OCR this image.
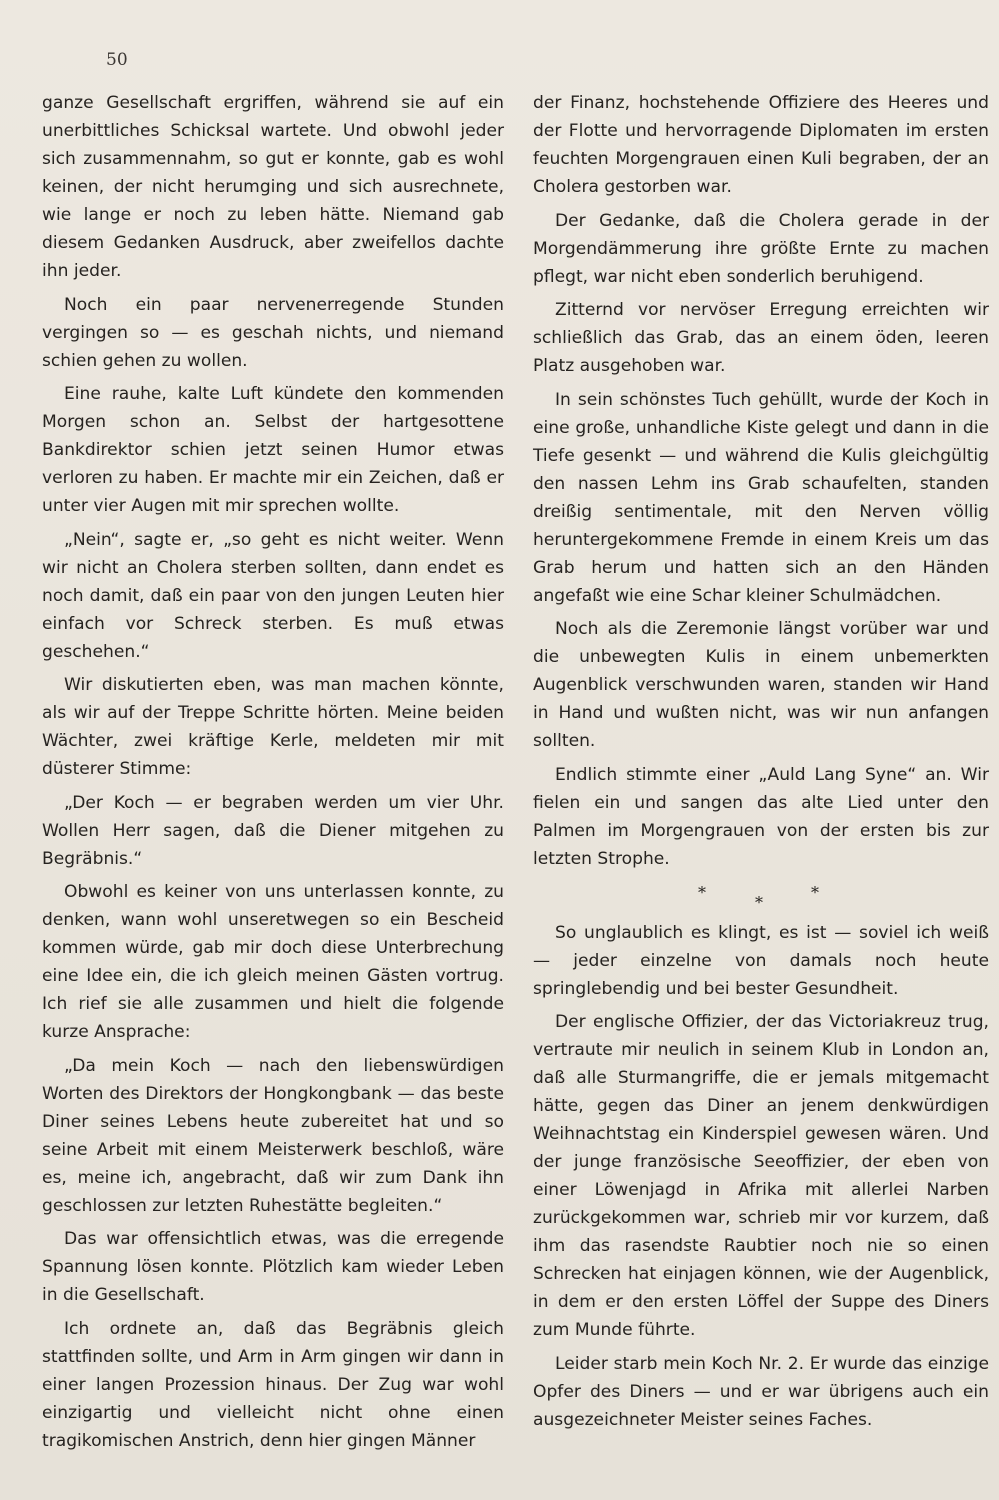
50

ganze Gesellschaft ergriffen, während sie auf ein unerbittliches Schicksal wartete. Und obwohl jeder sich zusammennahm, so gut er konnte, gab es wohl keinen, der nicht herumging und sich ausrechnete, wie lange er noch zu leben hätte. Niemand gab diesem Gedanken Ausdruck, aber zweifellos dachte ihn jeder.

Noch ein paar nervenerregende Stunden vergingen so — es geschah nichts, und niemand schien gehen zu wollen.

Eine rauhe, kalte Luft kündete den kommenden Morgen schon an. Selbst der hartgesottene Bankdirektor schien jetzt seinen Humor etwas verloren zu haben. Er machte mir ein Zeichen, daß er unter vier Augen mit mir sprechen wollte.

„Nein“, sagte er, „so geht es nicht weiter. Wenn wir nicht an Cholera sterben sollten, dann endet es noch damit, daß ein paar von den jungen Leuten hier einfach vor Schreck sterben. Es muß etwas geschehen.“

Wir diskutierten eben, was man machen könnte, als wir auf der Treppe Schritte hörten. Meine beiden Wächter, zwei kräftige Kerle, meldeten mir mit düsterer Stimme:

„Der Koch — er begraben werden um vier Uhr. Wollen Herr sagen, daß die Diener mitgehen zu Begräbnis.“

Obwohl es keiner von uns unterlassen konnte, zu denken, wann wohl unseretwegen so ein Bescheid kommen würde, gab mir doch diese Unterbrechung eine Idee ein, die ich gleich meinen Gästen vortrug. Ich rief sie alle zusammen und hielt die folgende kurze Ansprache:

„Da mein Koch — nach den liebenswürdigen Worten des Direktors der Hongkongbank — das beste Diner seines Lebens heute zubereitet hat und so seine Arbeit mit einem Meisterwerk beschloß, wäre es, meine ich, angebracht, daß wir zum Dank ihn geschlossen zur letzten Ruhestätte begleiten.“

Das war offensichtlich etwas, was die erregende Spannung lösen konnte. Plötzlich kam wieder Leben in die Gesellschaft.

Ich ordnete an, daß das Begräbnis gleich stattfinden sollte, und Arm in Arm gingen wir dann in einer langen Prozession hinaus. Der Zug war wohl einzigartig und vielleicht nicht ohne einen tragikomischen Anstrich, denn hier gingen Männer

der Finanz, hochstehende Offiziere des Heeres und der Flotte und hervorragende Diplomaten im ersten feuchten Morgengrauen einen Kuli begraben, der an Cholera gestorben war.

Der Gedanke, daß die Cholera gerade in der Morgendämmerung ihre größte Ernte zu machen pflegt, war nicht eben sonderlich beruhigend.

Zitternd vor nervöser Erregung erreichten wir schließlich das Grab, das an einem öden, leeren Platz ausgehoben war.

In sein schönstes Tuch gehüllt, wurde der Koch in eine große, unhandliche Kiste gelegt und dann in die Tiefe gesenkt — und während die Kulis gleichgültig den nassen Lehm ins Grab schaufelten, standen dreißig sentimentale, mit den Nerven völlig heruntergekommene Fremde in einem Kreis um das Grab herum und hatten sich an den Händen angefaßt wie eine Schar kleiner Schulmädchen.

Noch als die Zeremonie längst vorüber war und die unbewegten Kulis in einem unbemerkten Augenblick verschwunden waren, standen wir Hand in Hand und wußten nicht, was wir nun anfangen sollten.

Endlich stimmte einer „Auld Lang Syne“ an. Wir fielen ein und sangen das alte Lied unter den Palmen im Morgengrauen von der ersten bis zur letzten Strophe.

*
*
*

So unglaublich es klingt, es ist — soviel ich weiß — jeder einzelne von damals noch heute springlebendig und bei bester Gesundheit.

Der englische Offizier, der das Victoriakreuz trug, vertraute mir neulich in seinem Klub in London an, daß alle Sturmangriffe, die er jemals mitgemacht hätte, gegen das Diner an jenem denkwürdigen Weihnachtstag ein Kinderspiel gewesen wären. Und der junge französische Seeoffizier, der eben von einer Löwenjagd in Afrika mit allerlei Narben zurückgekommen war, schrieb mir vor kurzem, daß ihm das rasendste Raubtier noch nie so einen Schrecken hat einjagen können, wie der Augenblick, in dem er den ersten Löffel der Suppe des Diners zum Munde führte.

Leider starb mein Koch Nr. 2. Er wurde das einzige Opfer des Diners — und er war übrigens auch ein ausgezeichneter Meister seines Faches.
